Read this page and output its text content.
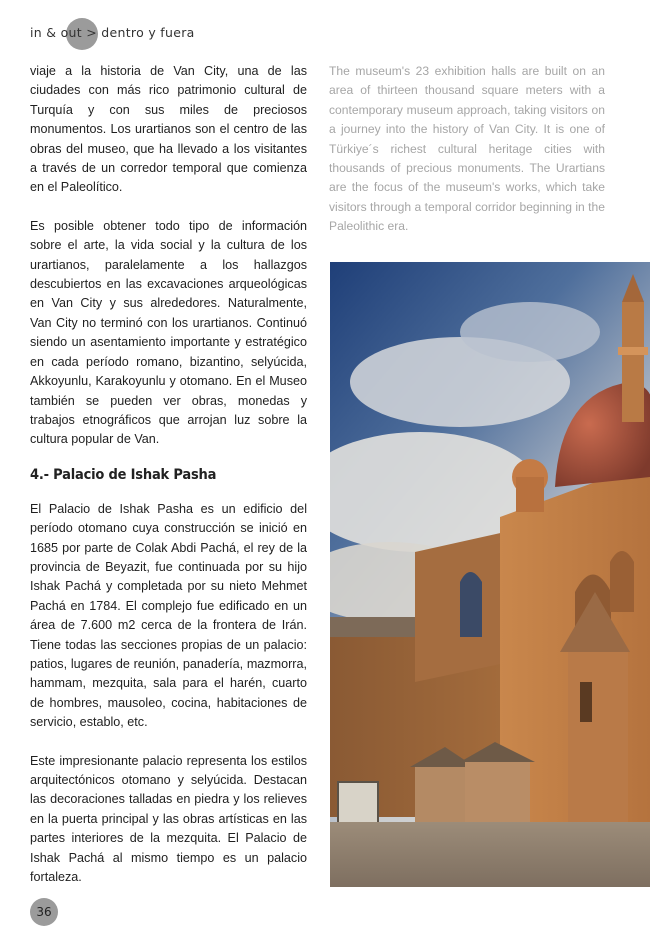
in & out > dentro y fuera

viaje a la historia de Van City, una de las ciudades con más rico patrimonio cultural de Turquía y con sus miles de preciosos monumentos. Los urartianos son el centro de las obras del museo, que ha llevado a los visitantes a través de un corredor temporal que comienza en el Paleolítico.

Es posible obtener todo tipo de información sobre el arte, la vida social y la cultura de los urartianos, paralelamente a los hallazgos descubiertos en las excavaciones arqueológicas en Van City y sus alrededores. Naturalmente, Van City no terminó con los urartianos. Continuó siendo un asentamiento importante y estratégico en cada período romano, bizantino, selyúcida, Akkoyunlu, Karakoyunlu y otomano. En el Museo también se pueden ver obras, monedas y trabajos etnográficos que arrojan luz sobre la cultura popular de Van.

4.- Palacio de Ishak Pasha

El Palacio de Ishak Pasha es un edificio del período otomano cuya construcción se inició en 1685 por parte de Colak Abdi Pachá, el rey de la provincia de Beyazit, fue continuada por su hijo Ishak Pachá y completada por su nieto Mehmet Pachá en 1784. El complejo fue edificado en un área de 7.600 m2 cerca de la frontera de Irán. Tiene todas las secciones propias de un palacio: patios, lugares de reunión, panadería, mazmorra, hammam, mezquita, sala para el harén, cuarto de hombres, mausoleo, cocina, habitaciones de servicio, establo, etc.

Este impresionante palacio representa los estilos arquitectónicos otomano y selyúcida. Destacan las decoraciones talladas en piedra y los relieves en la puerta principal y las obras artísticas en las partes interiores de la mezquita. El Palacio de Ishak Pachá al mismo tiempo es un palacio fortaleza.

The museum's 23 exhibition halls are built on an area of thirteen thousand square meters with a contemporary museum approach, taking visitors on a journey into the history of Van City. It is one of Türkiye´s richest cultural heritage cities with thousands of precious monuments. The Urartians are the focus of the museum's works, which take visitors through a temporal corridor beginning in the Paleolithic era.

36
